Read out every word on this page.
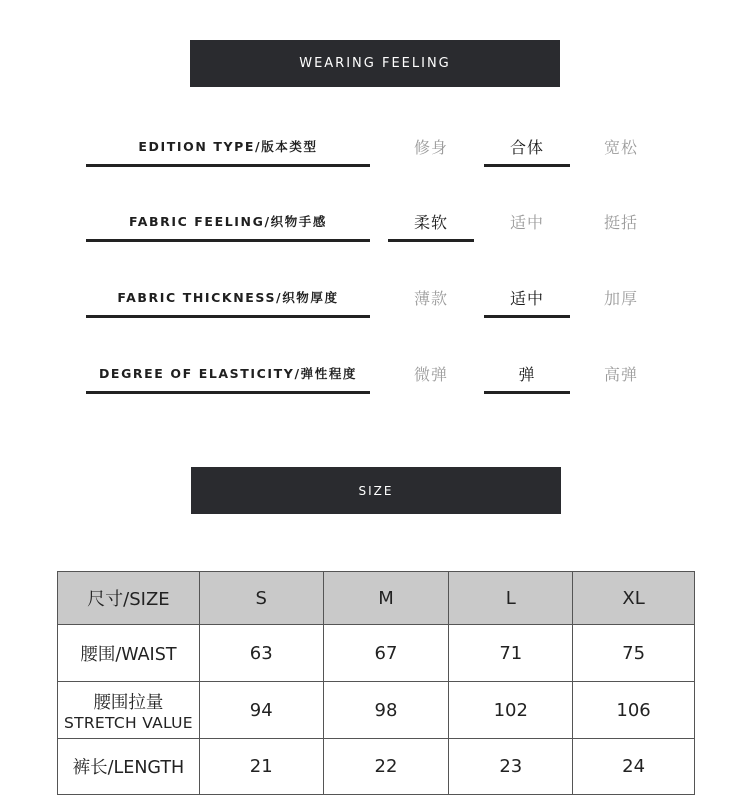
WEARING FEELING
EDITION TYPE/版本类型	修身	合体	宽松
FABRIC FEELING/织物手感	柔软	适中	挺括
FABRIC THICKNESS/织物厚度	薄款	适中	加厚
DEGREE OF ELASTICITY/弹性程度	微弹	弹	高弹
SIZE
尺寸/SIZE	S	M	L	XL
腰围/WAIST	63	67	71	75

腰围拉量
STRETCH VALUE	94	98	102	106
裤长/LENGTH	21	22	23	24
